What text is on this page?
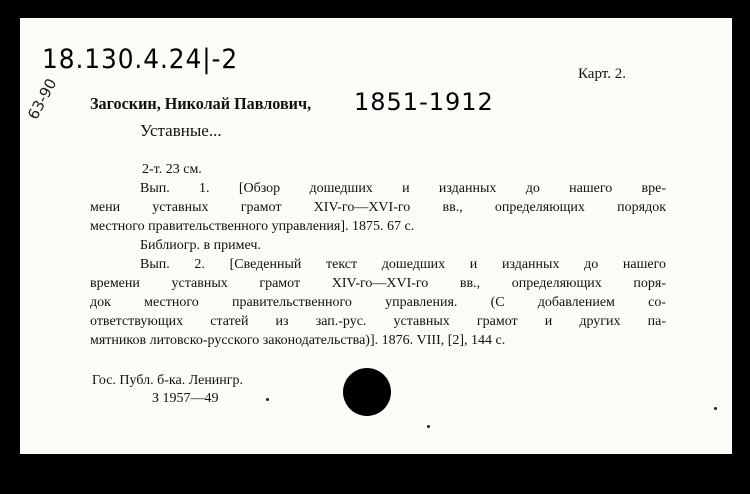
18.130.4.24|-2
63-90
Карт. 2.
Загоскин, Николай Павлович, 1851-1912
Уставные...
2-т. 23 см.
Вып. 1. [Обзор дошедших и изданных до нашего вре-
мени уставных грамот XIV-го—XVI-го вв., определяющих порядок
местного правительственного управления]. 1875. 67 с.
Библиогр. в примеч.
Вып. 2. [Сведенный текст дошедших и изданных до нашего
времени уставных грамот XIV-го—XVI-го вв., определяющих поря-
док местного правительственного управления. (С добавлением со-
ответствующих статей из зап.-рус. уставных грамот и других па-
мятников литовско-русского законодательства)]. 1876. VIII, [2], 144 с.
Гос. Публ. б-ка. Ленингр.
З 1957—49
